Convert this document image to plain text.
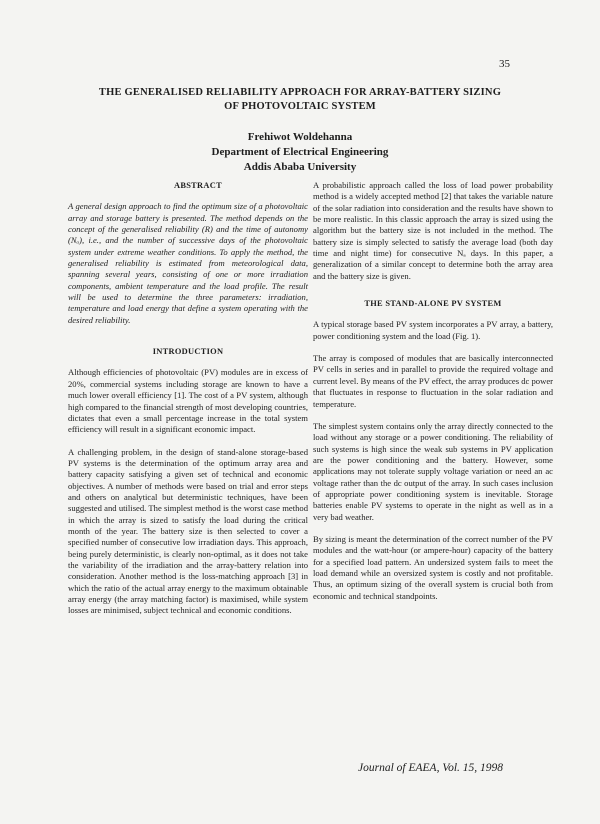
35
THE GENERALISED RELIABILITY APPROACH FOR ARRAY-BATTERY SIZING
OF PHOTOVOLTAIC SYSTEM
Frehiwot Woldehanna
Department of Electrical Engineering
Addis Ababa University
ABSTRACT

A general design approach to find the optimum size of a photovoltaic array and storage battery is presented. The method depends on the concept of the generalised reliability (R) and the time of autonomy (Nₐ), i.e., and the number of successive days of the photovoltaic system under extreme weather conditions. To apply the method, the generalised reliability is estimated from meteorological data, spanning several years, consisting of one or more irradiation components, ambient temperature and the load profile. The result will be used to determine the three parameters: irradiation, temperature and load energy that define a system operating with the desired reliability.

INTRODUCTION

Although efficiencies of photovoltaic (PV) modules are in excess of 20%, commercial systems including storage are known to have a much lower overall efficiency [1]. The cost of a PV system, although high compared to the financial strength of most developing countries, dictates that even a small percentage increase in the total system efficiency will result in a significant economic impact.

A challenging problem, in the design of stand-alone storage-based PV systems is the determination of the optimum array area and battery capacity satisfying a given set of technical and economic objectives. A number of methods were based on trial and error steps and others on analytical but deterministic techniques, have been suggested and utilised. The simplest method is the worst case method in which the array is sized to satisfy the load during the critical month of the year. The battery size is then selected to cover a specified number of consecutive low irradiation days. This approach, being purely deterministic, is clearly non-optimal, as it does not take the variability of the irradiation and the array-battery relation into consideration. Another method is the loss-matching approach [3] in which the ratio of the actual array energy to the maximum obtainable array energy (the array matching factor) is maximised, while system losses are minimised, subject technical and economic conditions.

A probabilistic approach called the loss of load power probability method is a widely accepted method [2] that takes the variable nature of the solar radiation into consideration and the results have shown to be more realistic. In this classic approach the array is sized using the algorithm but the battery size is not included in the method. The battery size is simply selected to satisfy the average load (both day time and night time) for consecutive Nₐ days. In this paper, a generalization of a similar concept to determine both the array area and the battery size is given.

THE STAND-ALONE PV SYSTEM

A typical storage based PV system incorporates a PV array, a battery, power conditioning system and the load (Fig. 1).

The array is composed of modules that are basically interconnected PV cells in series and in parallel to provide the required voltage and current level. By means of the PV effect, the array produces dc power that fluctuates in response to fluctuation in the solar radiation and temperature.

The simplest system contains only the array directly connected to the load without any storage or a power conditioning. The reliability of such systems is high since the weak sub systems in PV application are the power conditioning and the battery. However, some applications may not tolerate supply voltage variation or need an ac voltage rather than the dc output of the array. In such cases inclusion of appropriate power conditioning system is inevitable. Storage batteries enable PV systems to operate in the night as well as in a very bad weather.

By sizing is meant the determination of the correct number of the PV modules and the watt-hour (or ampere-hour) capacity of the battery for a specified load pattern. An undersized system fails to meet the load demand while an oversized system is costly and not profitable. Thus, an optimum sizing of the overall system is crucial both from economic and technical standpoints.

Journal of EAEA, Vol. 15, 1998
